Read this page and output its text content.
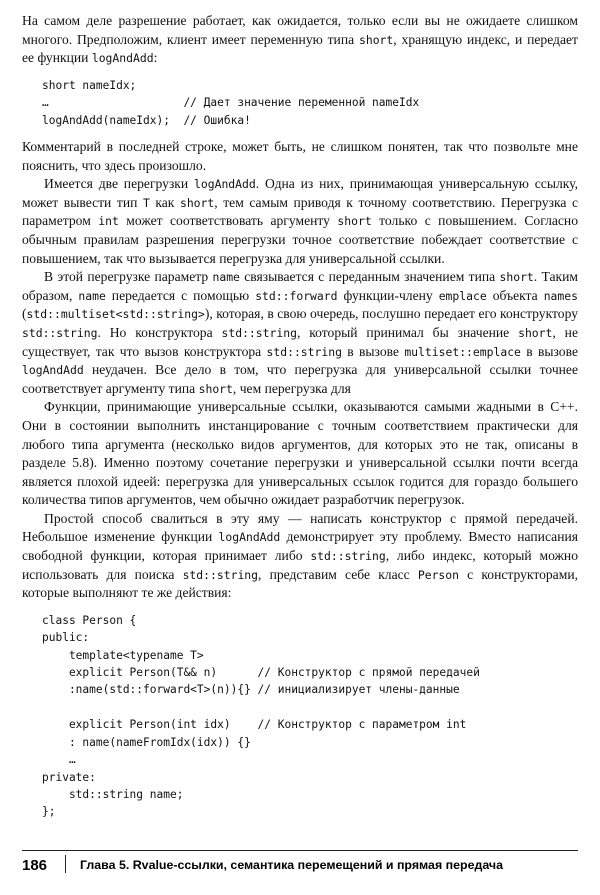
На самом деле разрешение работает, как ожидается, только если вы не ожидаете слишком многого. Предположим, клиент имеет переменную типа short, хранящую индекс, и передает ее функции logAndAdd:

short nameIdx;
…                    // Дает значение переменной nameIdx
logAndAdd(nameIdx);  // Ошибка!

Комментарий в последней строке, может быть, не слишком понятен, так что позвольте мне пояснить, что здесь произошло.

Имеется две перегрузки logAndAdd. Одна из них, принимающая универсальную ссылку, может вывести тип T как short, тем самым приводя к точному соответствию. Перегрузка с параметром int может соответствовать аргументу short только с повышением. Согласно обычным правилам разрешения перегрузки точное соответствие побеждает соответствие с повышением, так что вызывается перегрузка для универсальной ссылки.

В этой перегрузке параметр name связывается с переданным значением типа short. Таким образом, name передается с помощью std::forward функции-члену emplace объекта names (std::multiset<std::string>), которая, в свою очередь, послушно передает его конструктору std::string. Но конструктора std::string, который принимал бы значение short, не существует, так что вызов конструктора std::string в вызове multiset::emplace в вызове logAndAdd неудачен. Все дело в том, что перегрузка для универсальной ссылки точнее соответствует аргументу типа short, чем перегрузка для

Функции, принимающие универсальные ссылки, оказываются самыми жадными в C++. Они в состоянии выполнить инстанцирование с точным соответствием практически для любого типа аргумента (несколько видов аргументов, для которых это не так, описаны в разделе 5.8). Именно поэтому сочетание перегрузки и универсальной ссылки почти всегда является плохой идеей: перегрузка для универсальных ссылок годится для гораздо большего количества типов аргументов, чем обычно ожидает разработчик перегрузок.

Простой способ свалиться в эту яму — написать конструктор с прямой передачей. Небольшое изменение функции logAndAdd демонстрирует эту проблему. Вместо написания свободной функции, которая принимает либо std::string, либо индекс, который можно использовать для поиска std::string, представим себе класс Person с конструкторами, которые выполняют те же действия:

class Person {
public:
template<typename T>
explicit Person(T&& n)      // Конструктор с прямой передачей
:name(std::forward<T>(n)){} // инициализирует члены-данные

explicit Person(int idx)    // Конструктор с параметром int
: name(nameFromIdx(idx)) {}
…
private:
std::string name;
};
186	Глава 5. Rvalue-ссылки, семантика перемещений и прямая передача
